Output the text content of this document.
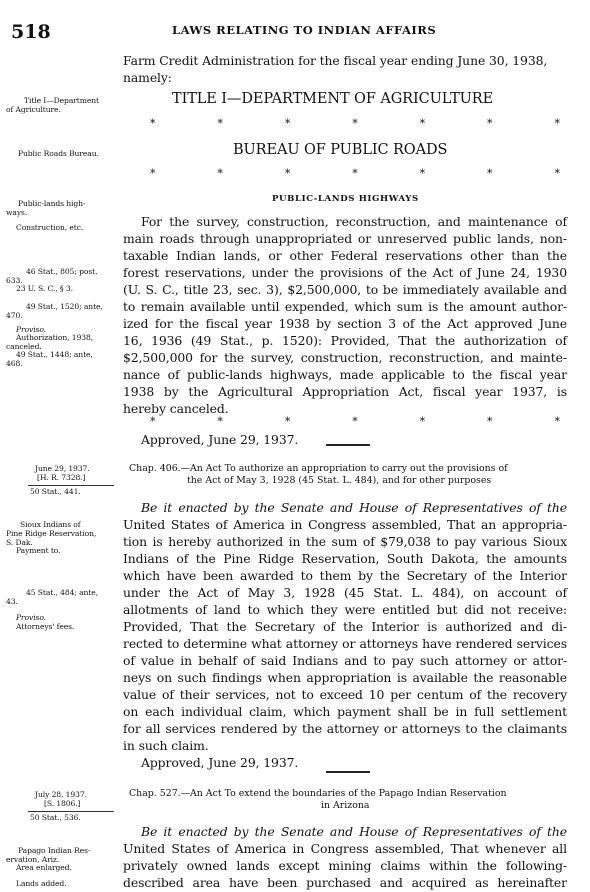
518	LAWS RELATING TO INDIAN AFFAIRS
Farm Credit Administration for the fiscal year ending June 30, 1938,
namely:
TITLE I—DEPARTMENT OF AGRICULTURE
*	*	*	*	*	*	*
BUREAU OF PUBLIC ROADS
*	*	*	*	*	*	*
PUBLIC-LANDS HIGHWAYS
For the survey, construction, reconstruction, and maintenance of
main roads through unappropriated or unreserved public lands, non-
taxable Indian lands, or other Federal reservations other than the
forest reservations, under the provisions of the Act of June 24, 1930
(U. S. C., title 23, sec. 3), $2,500,000, to be immediately available and
to remain available until expended, which sum is the amount author-
ized for the fiscal year 1938 by section 3 of the Act approved June
16, 1936 (49 Stat., p. 1520): Provided, That the authorization of
$2,500,000 for the survey, construction, reconstruction, and mainte-
nance of public-lands highways, made applicable to the fiscal year
1938 by the Agricultural Appropriation Act, fiscal year 1937, is
hereby canceled.
*	*	*	*	*	*	*
Approved, June 29, 1937.
June 29, 1937.
[H. R. 7328.]
50 Stat., 441.
Chap. 406.—An Act To authorize an appropriation to carry out the provisions of
the Act of May 3, 1928 (45 Stat. L. 484), and for other purposes
Be it enacted by the Senate and House of Representatives of the
United States of America in Congress assembled, That an appropria-
tion is hereby authorized in the sum of $79,038 to pay various Sioux
Indians of the Pine Ridge Reservation, South Dakota, the amounts
which have been awarded to them by the Secretary of the Interior
under the Act of May 3, 1928 (45 Stat. L. 484), on account of
allotments of land to which they were entitled but did not receive:
Provided, That the Secretary of the Interior is authorized and di-
rected to determine what attorney or attorneys have rendered services
of value in behalf of said Indians and to pay such attorney or attor-
neys on such findings when appropriation is available the reasonable
value of their services, not to exceed 10 per centum of the recovery
on each individual claim, which payment shall be in full settlement
for all services rendered by the attorney or attorneys to the claimants
in such claim.
Approved, June 29, 1937.
July 28, 1937.
[S. 1806.]
50 Stat., 536.
Chap. 527.—An Act To extend the boundaries of the Papago Indian Reservation
in Arizona
Be it enacted by the Senate and House of Representatives of the
United States of America in Congress assembled, That whenever all
privately owned lands except mining claims within the following-
described area have been purchased and acquired as hereinafter
Title I—Department
of Agriculture.
Public Roads Bureau.
Public-lands high-
ways.
Construction, etc.
46 Stat., 805; post,
633.
23 U. S. C., § 3.
49 Stat., 1520; ante,
470.
Proviso.
Authorization, 1938,
canceled.
49 Stat., 1448; ante,
468.
Sioux Indians of
Pine Ridge Reservation,
S. Dak.
Payment to.
45 Stat., 484; ante,
43.
Proviso.
Attorneys' fees.
Papago Indian Res-
ervation, Ariz.
Area enlarged.
Lands added.
